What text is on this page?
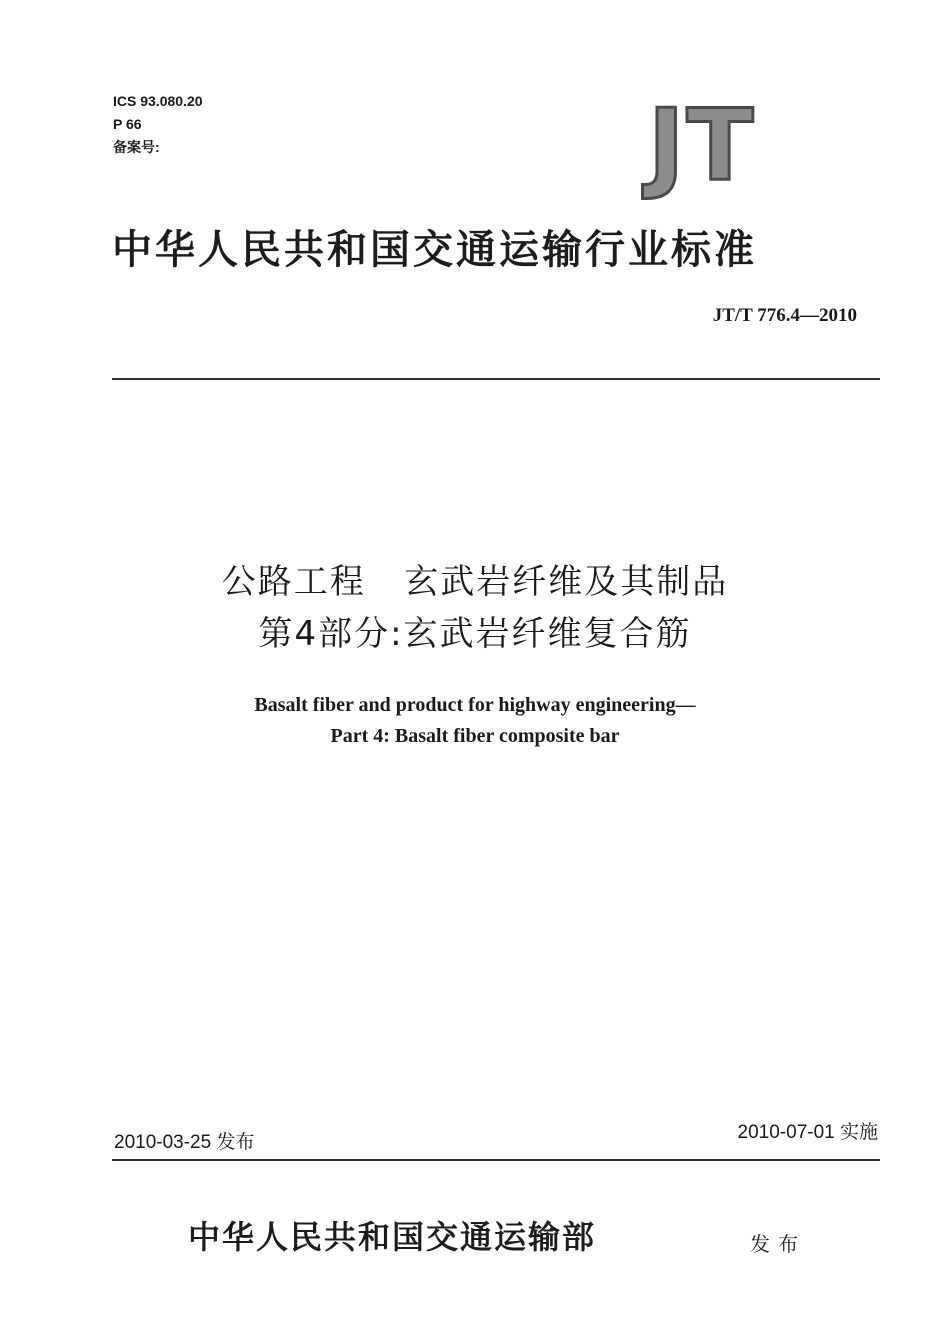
ICS 93.080.20
P 66
备案号:	JT
中华人民共和国交通运输行业标准
JT/T 776.4—2010
公路工程   玄武岩纤维及其制品
第4部分:玄武岩纤维复合筋
Basalt fiber and product for highway engineering—
Part 4: Basalt fiber composite bar
2010-03-25 发布	2010-07-01 实施
中华人民共和国交通运输部	发布
